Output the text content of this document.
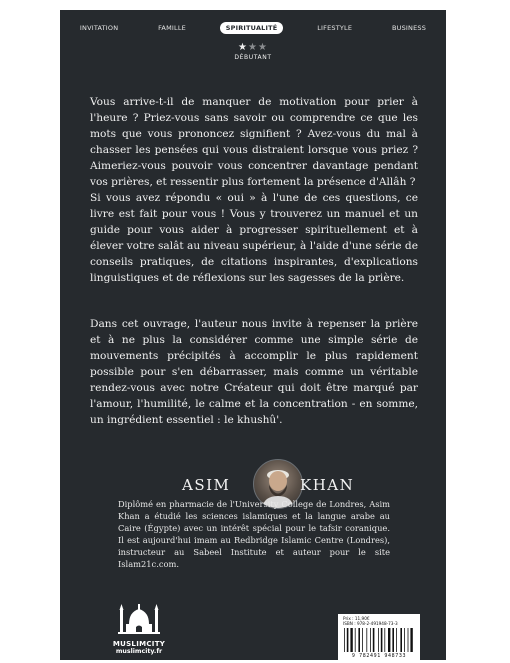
INVITATION	FAMILLE	SPIRITUALITÉ	LIFESTYLE	BUSINESS
★★★
DÉBUTANT

Vous arrive-t-il de manquer de motivation pour prier à l'heure ? Priez-vous sans savoir ou comprendre ce que les mots que vous prononcez signifient ? Avez-vous du mal à chasser les pensées qui vous distraient lorsque vous priez ? Aimeriez-vous pouvoir vous concentrer davantage pendant vos prières, et ressentir plus fortement la présence d'Allâh ?

Si vous avez répondu « oui » à l'une de ces questions, ce livre est fait pour vous ! Vous y trouverez un manuel et un guide pour vous aider à progresser spirituellement et à élever votre salât au niveau supérieur, à l'aide d'une série de conseils pratiques, de citations inspirantes, d'explications linguistiques et de réflexions sur les sagesses de la prière.

Dans cet ouvrage, l'auteur nous invite à repenser la prière et à ne plus la considérer comme une simple série de mouvements précipités à accomplir le plus rapidement possible pour s'en débarrasser, mais comme un véritable rendez-vous avec notre Créateur qui doit être marqué par l'amour, l'humilité, le calme et la concentration - en somme, un ingrédient essentiel : le khushû'.

ASIM	KHAN

Diplômé en pharmacie de l'University College de Londres, Asim Khan a étudié les sciences islamiques et la langue arabe au Caire (Égypte) avec un intérêt spécial pour le tafsir coranique. Il est aujourd'hui imam au Redbridge Islamic Centre (Londres), instructeur au Sabeel Institute et auteur pour le site Islam21c.com.

MUSLIMCITY
muslimcity.fr
Prix : 11,90€
ISBN : 978-2-491948-73-3
9 782491 948733
